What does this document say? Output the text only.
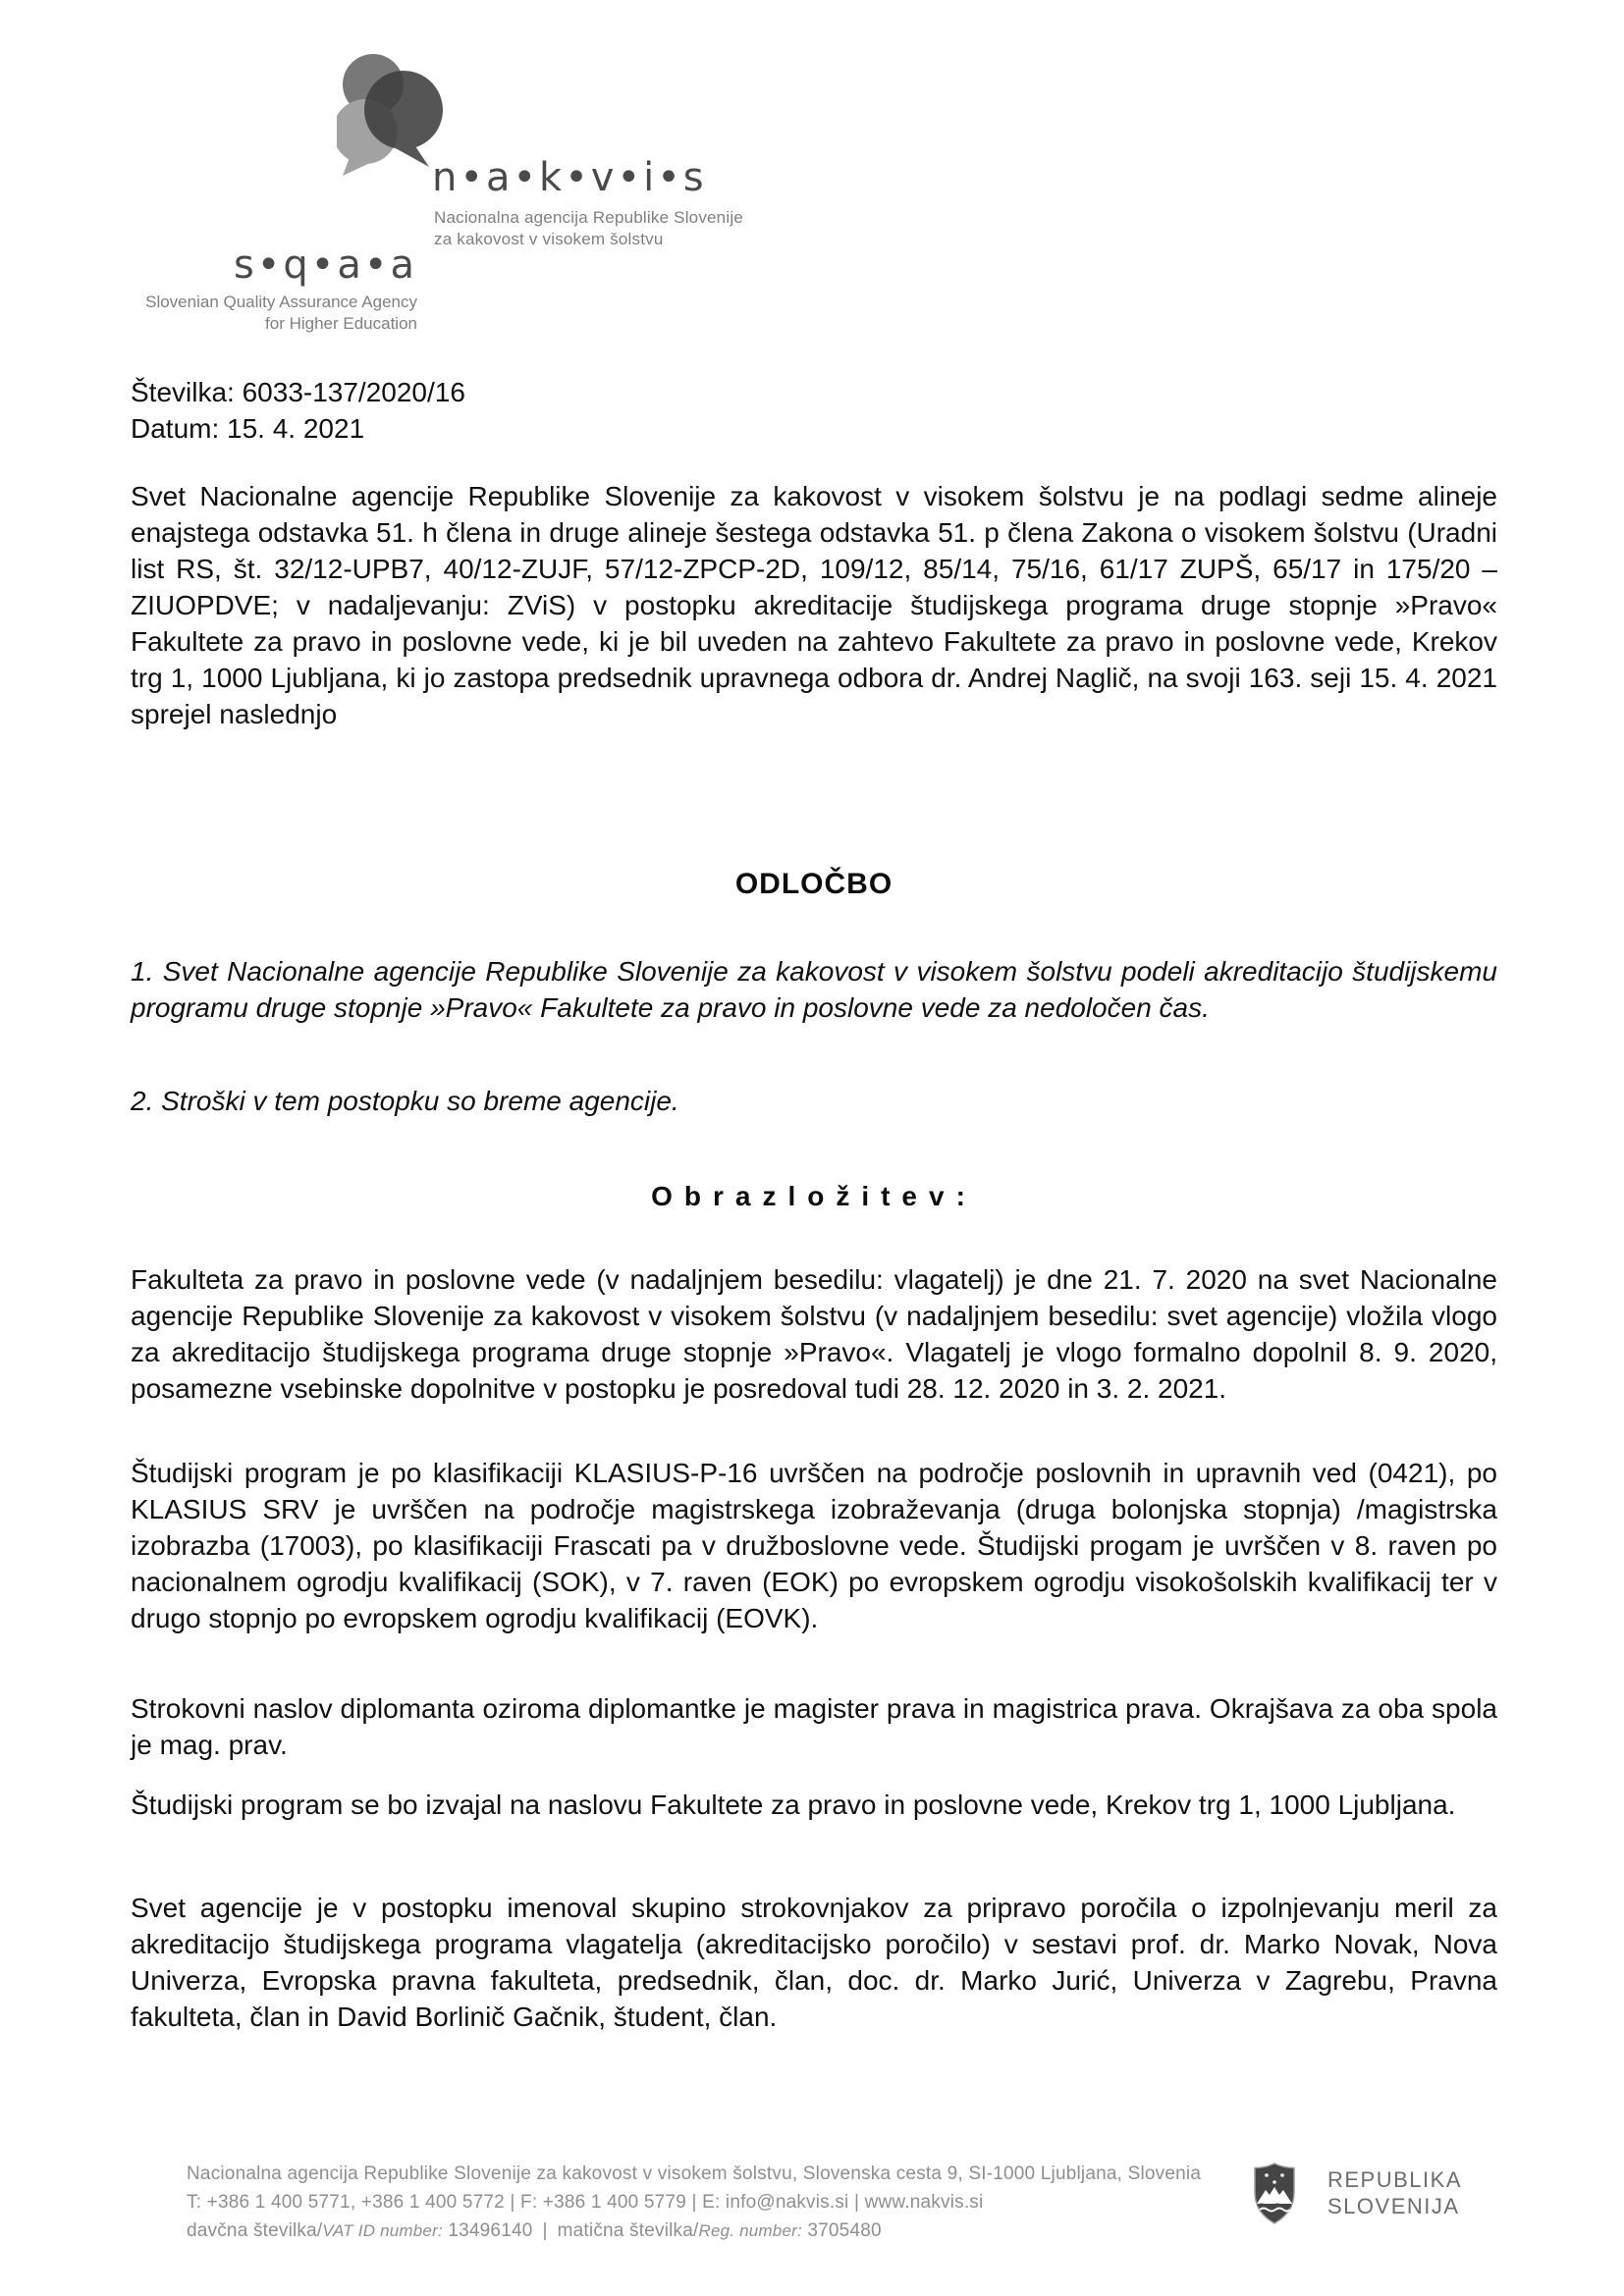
n•a•k•v•i•s
Nacionalna agencija Republike Slovenije
za kakovost v visokem šolstvu
s•q•a•a
Slovenian Quality Assurance Agency
for Higher Education
Številka: 6033-137/2020/16
Datum: 15. 4. 2021
Svet Nacionalne agencije Republike Slovenije za kakovost v visokem šolstvu je na podlagi sedme alineje enajstega odstavka 51. h člena in druge alineje šestega odstavka 51. p člena Zakona o visokem šolstvu (Uradni list RS, št. 32/12-UPB7, 40/12-ZUJF, 57/12-ZPCP-2D, 109/12, 85/14, 75/16, 61/17 ZUPŠ, 65/17 in 175/20 – ZIUOPDVE; v nadaljevanju: ZViS) v postopku akreditacije študijskega programa druge stopnje »Pravo« Fakultete za pravo in poslovne vede, ki je bil uveden na zahtevo Fakultete za pravo in poslovne vede, Krekov trg 1, 1000 Ljubljana, ki jo zastopa predsednik upravnega odbora dr. Andrej Naglič, na svoji 163. seji 15. 4. 2021 sprejel naslednjo
ODLOČBO
1. Svet Nacionalne agencije Republike Slovenije za kakovost v visokem šolstvu podeli akreditacijo študijskemu programu druge stopnje »Pravo« Fakultete za pravo in poslovne vede za nedoločen čas.
2. Stroški v tem postopku so breme agencije.
Obrazložitev:
Fakulteta za pravo in poslovne vede (v nadaljnjem besedilu: vlagatelj) je dne 21. 7. 2020 na svet Nacionalne agencije Republike Slovenije za kakovost v visokem šolstvu (v nadaljnjem besedilu: svet agencije) vložila vlogo za akreditacijo študijskega programa druge stopnje »Pravo«. Vlagatelj je vlogo formalno dopolnil 8. 9. 2020, posamezne vsebinske dopolnitve v postopku je posredoval tudi 28. 12. 2020 in 3. 2. 2021.
Študijski program je po klasifikaciji KLASIUS-P-16 uvrščen na področje poslovnih in upravnih ved (0421), po KLASIUS SRV je uvrščen na področje magistrskega izobraževanja (druga bolonjska stopnja) /magistrska izobrazba (17003), po klasifikaciji Frascati pa v družboslovne vede. Študijski progam je uvrščen v 8. raven po nacionalnem ogrodju kvalifikacij (SOK), v 7. raven (EOK) po evropskem ogrodju visokošolskih kvalifikacij ter v drugo stopnjo po evropskem ogrodju kvalifikacij (EOVK).
Strokovni naslov diplomanta oziroma diplomantke je magister prava in magistrica prava. Okrajšava za oba spola je mag. prav.
Študijski program se bo izvajal na naslovu Fakultete za pravo in poslovne vede, Krekov trg 1, 1000 Ljubljana.
Svet agencije je v postopku imenoval skupino strokovnjakov za pripravo poročila o izpolnjevanju meril za akreditacijo študijskega programa vlagatelja (akreditacijsko poročilo) v sestavi prof. dr. Marko Novak, Nova Univerza, Evropska pravna fakulteta, predsednik, član, doc. dr. Marko Jurić, Univerza v Zagrebu, Pravna fakulteta, član in David Borlinič Gačnik, študent, član.
Nacionalna agencija Republike Slovenije za kakovost v visokem šolstvu, Slovenska cesta 9, SI-1000 Ljubljana, Slovenia
T: +386 1 400 5771, +386 1 400 5772 | F: +386 1 400 5779 | E: info@nakvis.si | www.nakvis.si
davčna številka/VAT ID number: 13496140 | matična številka/Reg. number: 3705480
REPUBLIKA
SLOVENIJA
